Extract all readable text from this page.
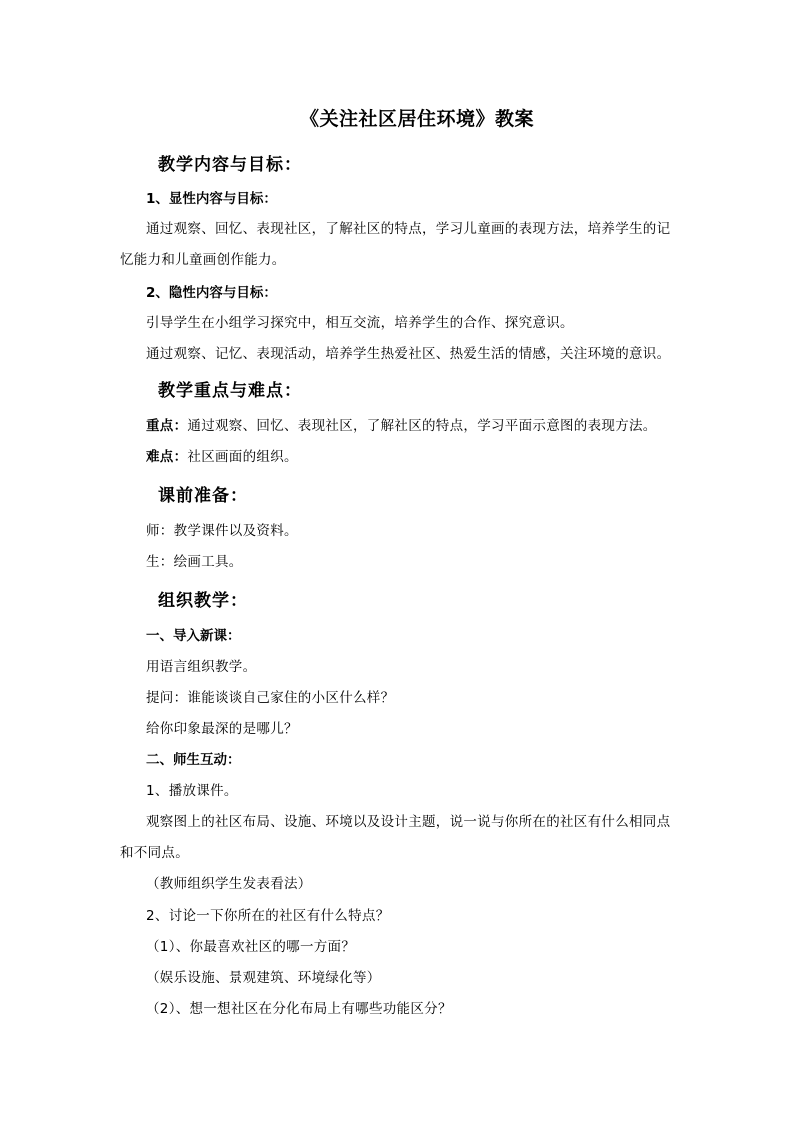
《关注社区居住环境》教案
教学内容与目标：
1、显性内容与目标：
通过观察、回忆、表现社区，了解社区的特点，学习儿童画的表现方法，培养学生的记
忆能力和儿童画创作能力。
2、隐性内容与目标：
引导学生在小组学习探究中，相互交流，培养学生的合作、探究意识。
通过观察、记忆、表现活动，培养学生热爱社区、热爱生活的情感，关注环境的意识。
教学重点与难点：
重点：通过观察、回忆、表现社区，了解社区的特点，学习平面示意图的表现方法。
难点：社区画面的组织。
课前准备：
师：教学课件以及资料。
生：绘画工具。
组织教学：
一、导入新课：
用语言组织教学。
提问：谁能谈谈自己家住的小区什么样？
给你印象最深的是哪儿？
二、师生互动：
1、播放课件。
观察图上的社区布局、设施、环境以及设计主题，说一说与你所在的社区有什么相同点
和不同点。
（教师组织学生发表看法）
2、讨论一下你所在的社区有什么特点？
（1）、你最喜欢社区的哪一方面？
（娱乐设施、景观建筑、环境绿化等）
（2）、想一想社区在分化布局上有哪些功能区分？
